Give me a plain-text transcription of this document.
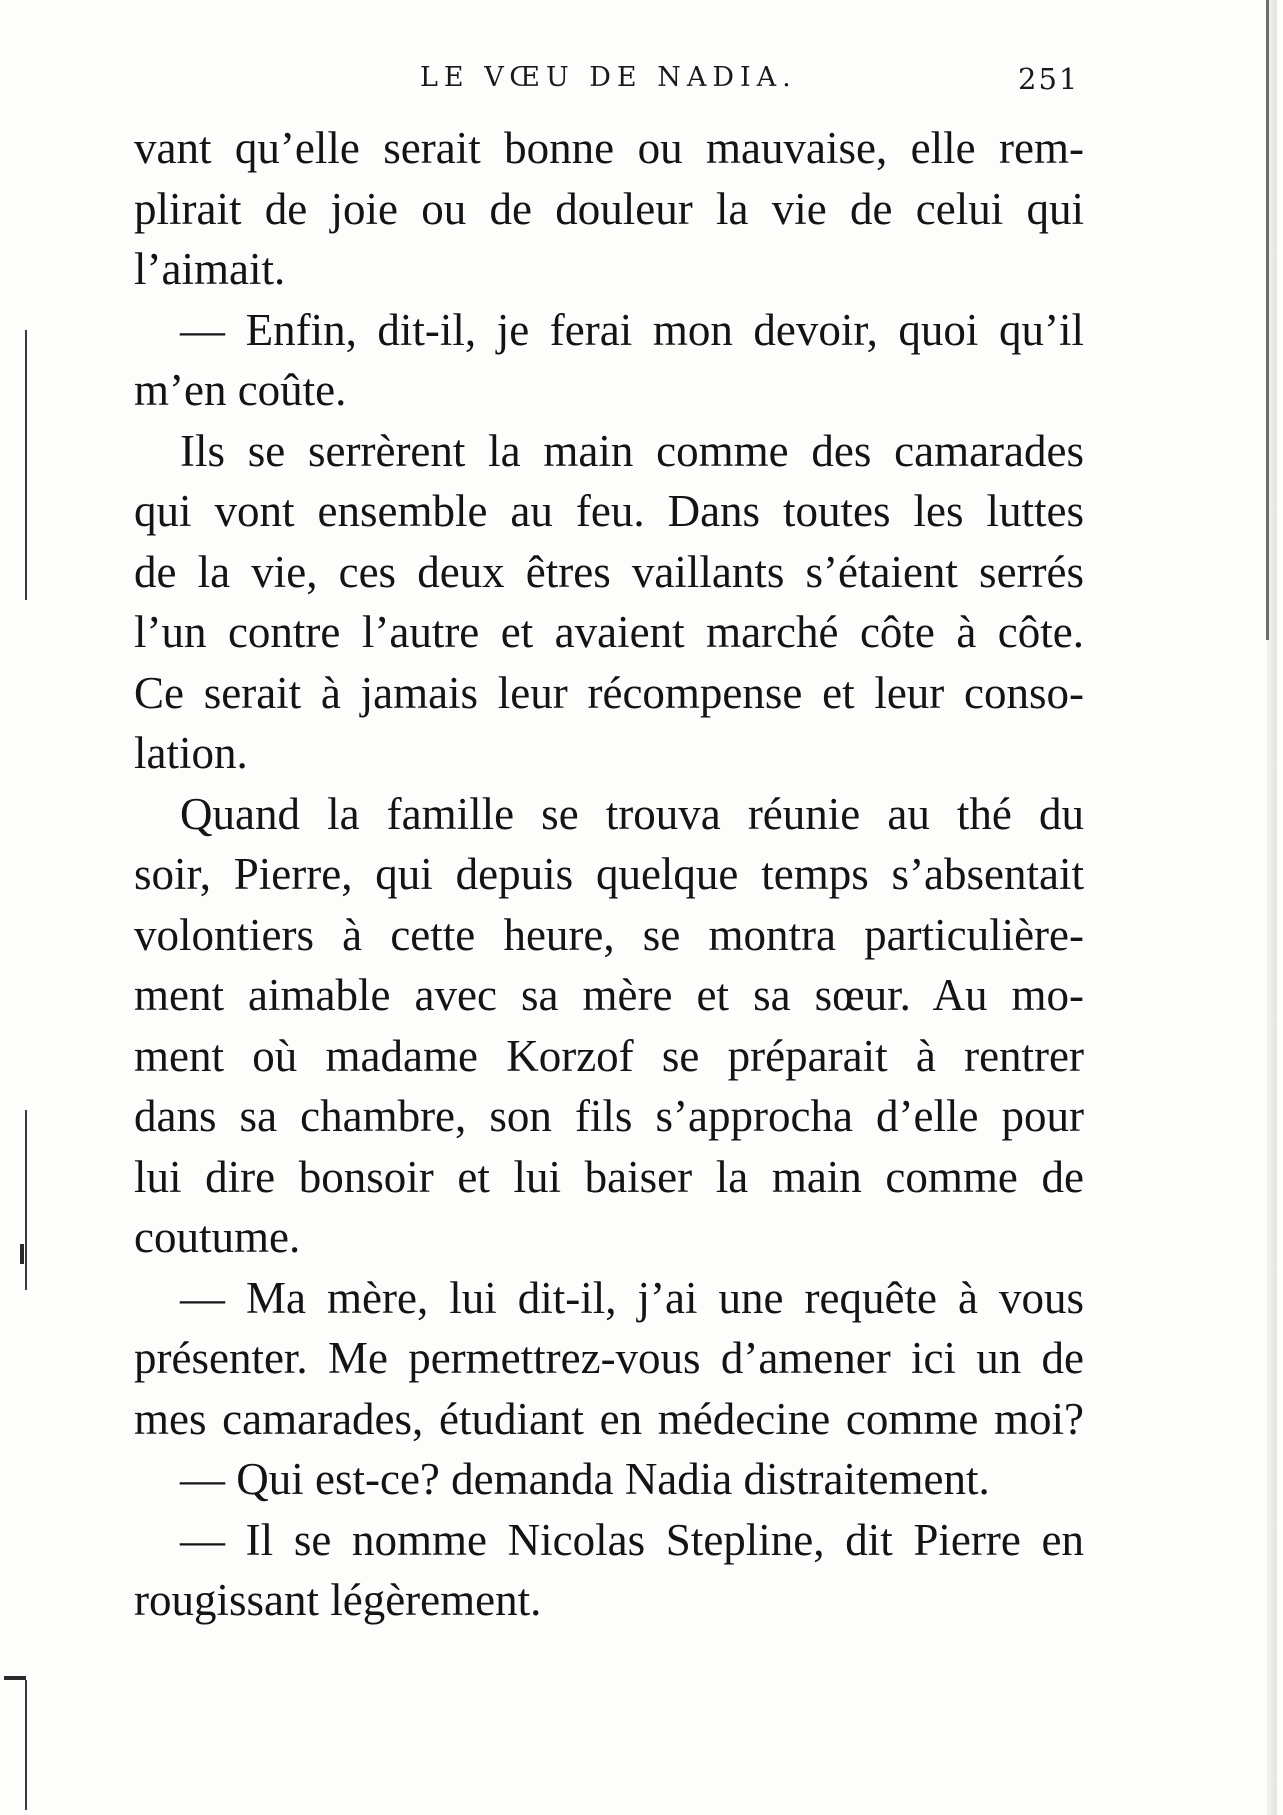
LE VŒU DE NADIA.	251
vant qu’elle serait bonne ou mauvaise, elle rem-
plirait de joie ou de douleur la vie de celui qui
l’aimait.
— Enfin, dit-il, je ferai mon devoir, quoi qu’il
m’en coûte.
Ils se serrèrent la main comme des camarades
qui vont ensemble au feu. Dans toutes les luttes
de la vie, ces deux êtres vaillants s’étaient serrés
l’un contre l’autre et avaient marché côte à côte.
Ce serait à jamais leur récompense et leur conso-
lation.
Quand la famille se trouva réunie au thé du
soir, Pierre, qui depuis quelque temps s’absentait
volontiers à cette heure, se montra particulière-
ment aimable avec sa mère et sa sœur. Au mo-
ment où madame Korzof se préparait à rentrer
dans sa chambre, son fils s’approcha d’elle pour
lui dire bonsoir et lui baiser la main comme de
coutume.
— Ma mère, lui dit-il, j’ai une requête à vous
présenter. Me permettrez-vous d’amener ici un de
mes camarades, étudiant en médecine comme moi?
— Qui est-ce? demanda Nadia distraitement.
— Il se nomme Nicolas Stepline, dit Pierre en
rougissant légèrement.
